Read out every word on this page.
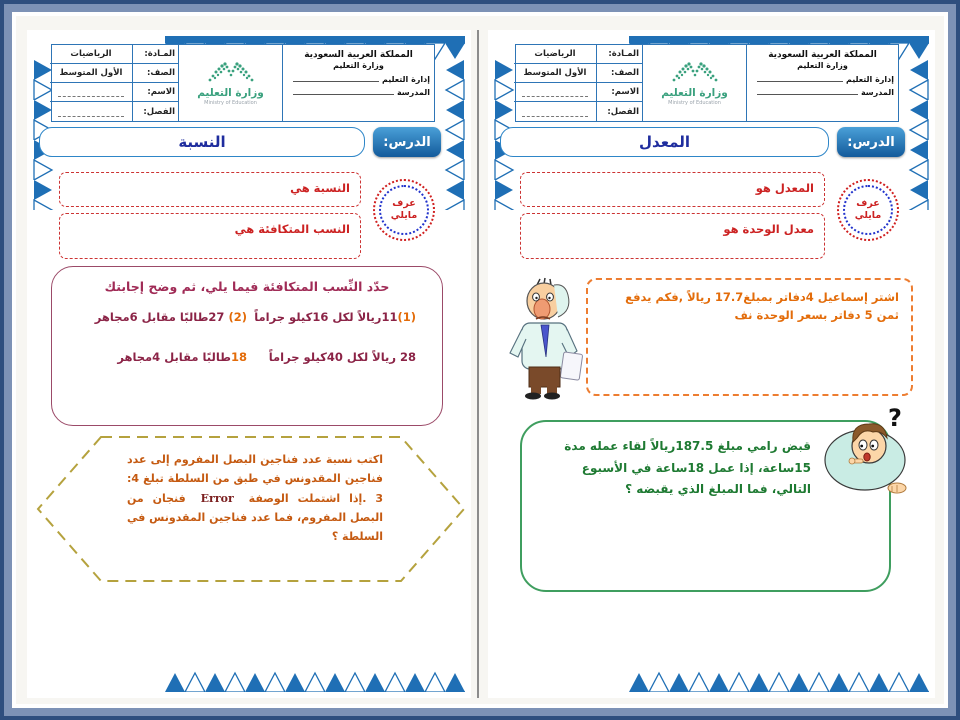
المملكة العربية السعودية
وزارة التعليم
إدارة التعليم
المدرسة
وزارة التعليم
Ministry of Education
المـادة:
الرياضيات
الصف:
الأول المتوسط
الاسم:
الفصل:
الدرس:
المعدل
عرف
مايلي
المعدل هو
معدل الوحدة هو
اشتر إسماعيل 4دفاتر بمبلغ17.7 ريالاً ,فكم يدفع ثمن 5 دفاتر بسعر الوحدة نف
قبض رامي مبلغ 187.5ريالاً لقاء عمله مدة 15ساعة، إذا عمل 18ساعة في الأسبوع التالي، فما المبلغ الذي يقبضه ؟
?
المملكة العربية السعودية
وزارة التعليم
إدارة التعليم
المدرسة
وزارة التعليم
Ministry of Education
المـادة:
الرياضيات
الصف:
الأول المتوسط
الاسم:
الفصل:
الدرس:
النسبة
عرف
مايلي
النسبة هي
النسب المتكافئة هي
حدّد النِّسب المتكافئة فيما يلي، ثم وضح إجابتك
(1)11ريالاً لكل 16كيلو جراماً
(2) 27طالبًا مقابل 6مجاهر
28 ريالاً لكل 40كيلو جراماً
18طالبًا مقابل 4مجاهر
اكتب نسبة عدد فناجين البصل المفروم إلى عدد فناجين المقدونس في طبق من السلطة تبلغ 4: 3 .إذا اشتملت الوصفة Error فنجان من البصل المفروم، فما عدد فناجين المقدونس في السلطة ؟
